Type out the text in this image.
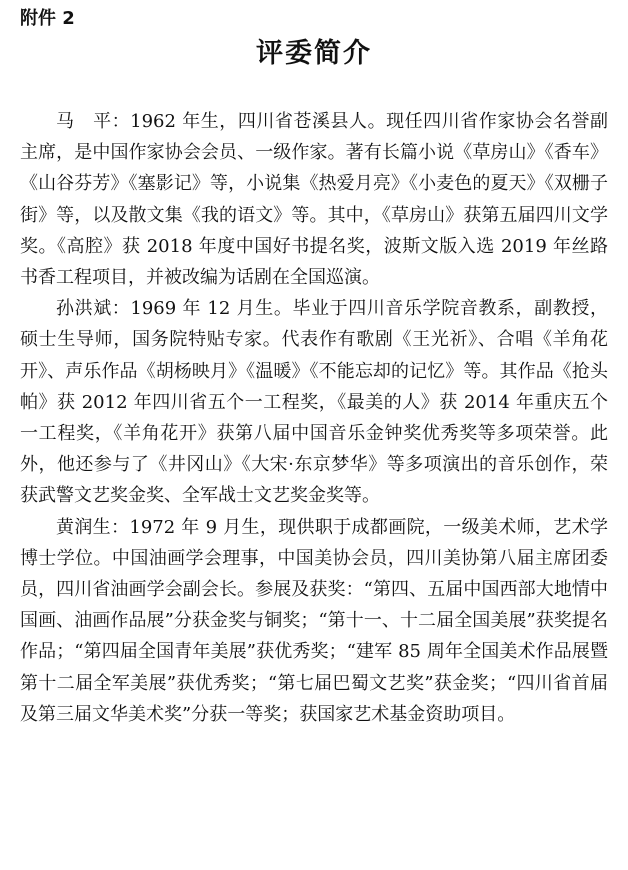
附件 2
评委简介

马　平：1962 年生，四川省苍溪县人。现任四川省作家协会名誉副主席，是中国作家协会会员、一级作家。著有长篇小说《草房山》《香车》《山谷芬芳》《塞影记》等，小说集《热爱月亮》《小麦色的夏天》《双栅子街》等，以及散文集《我的语文》等。其中，《草房山》获第五届四川文学奖。《高腔》获 2018 年度中国好书提名奖，波斯文版入选 2019 年丝路书香工程项目，并被改编为话剧在全国巡演。

孙洪斌：1969 年 12 月生。毕业于四川音乐学院音教系，副教授，硕士生导师，国务院特贴专家。代表作有歌剧《王光祈》、合唱《羊角花开》、声乐作品《胡杨映月》《温暖》《不能忘却的记忆》等。其作品《抢头帕》获 2012 年四川省五个一工程奖，《最美的人》获 2014 年重庆五个一工程奖，《羊角花开》获第八届中国音乐金钟奖优秀奖等多项荣誉。此外，他还参与了《井冈山》《大宋·东京梦华》等多项演出的音乐创作，荣获武警文艺奖金奖、全军战士文艺奖金奖等。

黄润生：1972 年 9 月生，现供职于成都画院，一级美术师，艺术学博士学位。中国油画学会理事，中国美协会员，四川美协第八届主席团委员，四川省油画学会副会长。参展及获奖：“第四、五届中国西部大地情中国画、油画作品展”分获金奖与铜奖；“第十一、十二届全国美展”获奖提名作品；“第四届全国青年美展”获优秀奖；“建军 85 周年全国美术作品展暨第十二届全军美展”获优秀奖；“第七届巴蜀文艺奖”获金奖；“四川省首届及第三届文华美术奖”分获一等奖；获国家艺术基金资助项目。
